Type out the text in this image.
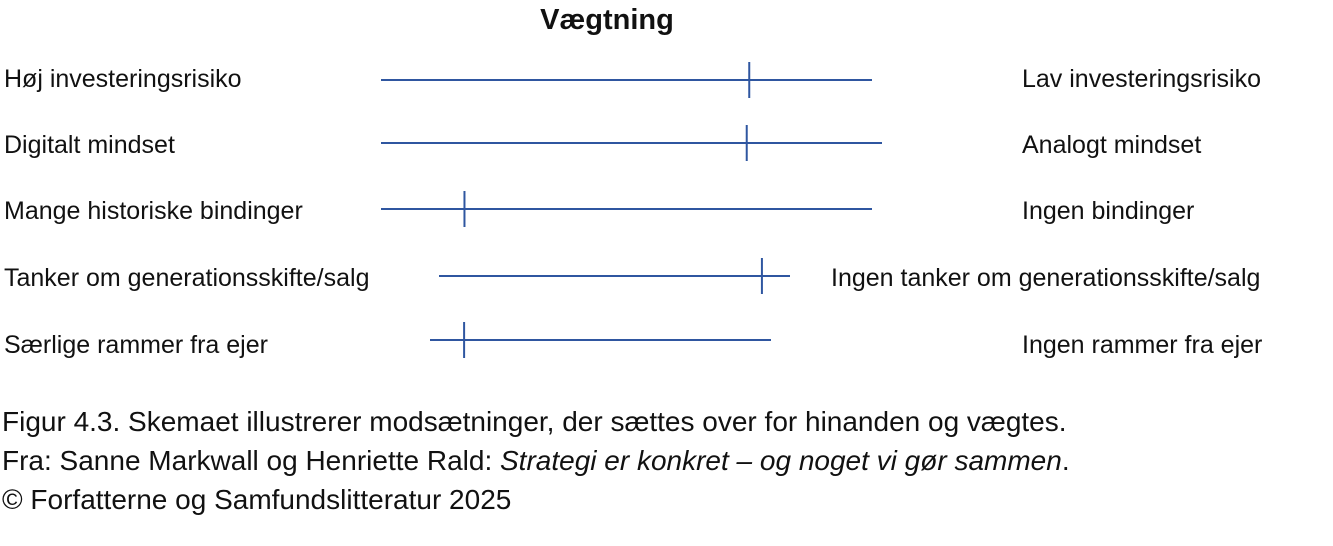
Vægtning
Høj investeringsrisiko	Lav investeringsrisiko
Digitalt mindset	Analogt mindset
Mange historiske bindinger	Ingen bindinger
Tanker om generationsskifte/salg	Ingen tanker om generationsskifte/salg
Særlige rammer fra ejer	Ingen rammer fra ejer
Figur 4.3. Skemaet illustrerer modsætninger, der sættes over for hinanden og vægtes.
Fra: Sanne Markwall og Henriette Rald: Strategi er konkret – og noget vi gør sammen.
© Forfatterne og Samfundslitteratur 2025
